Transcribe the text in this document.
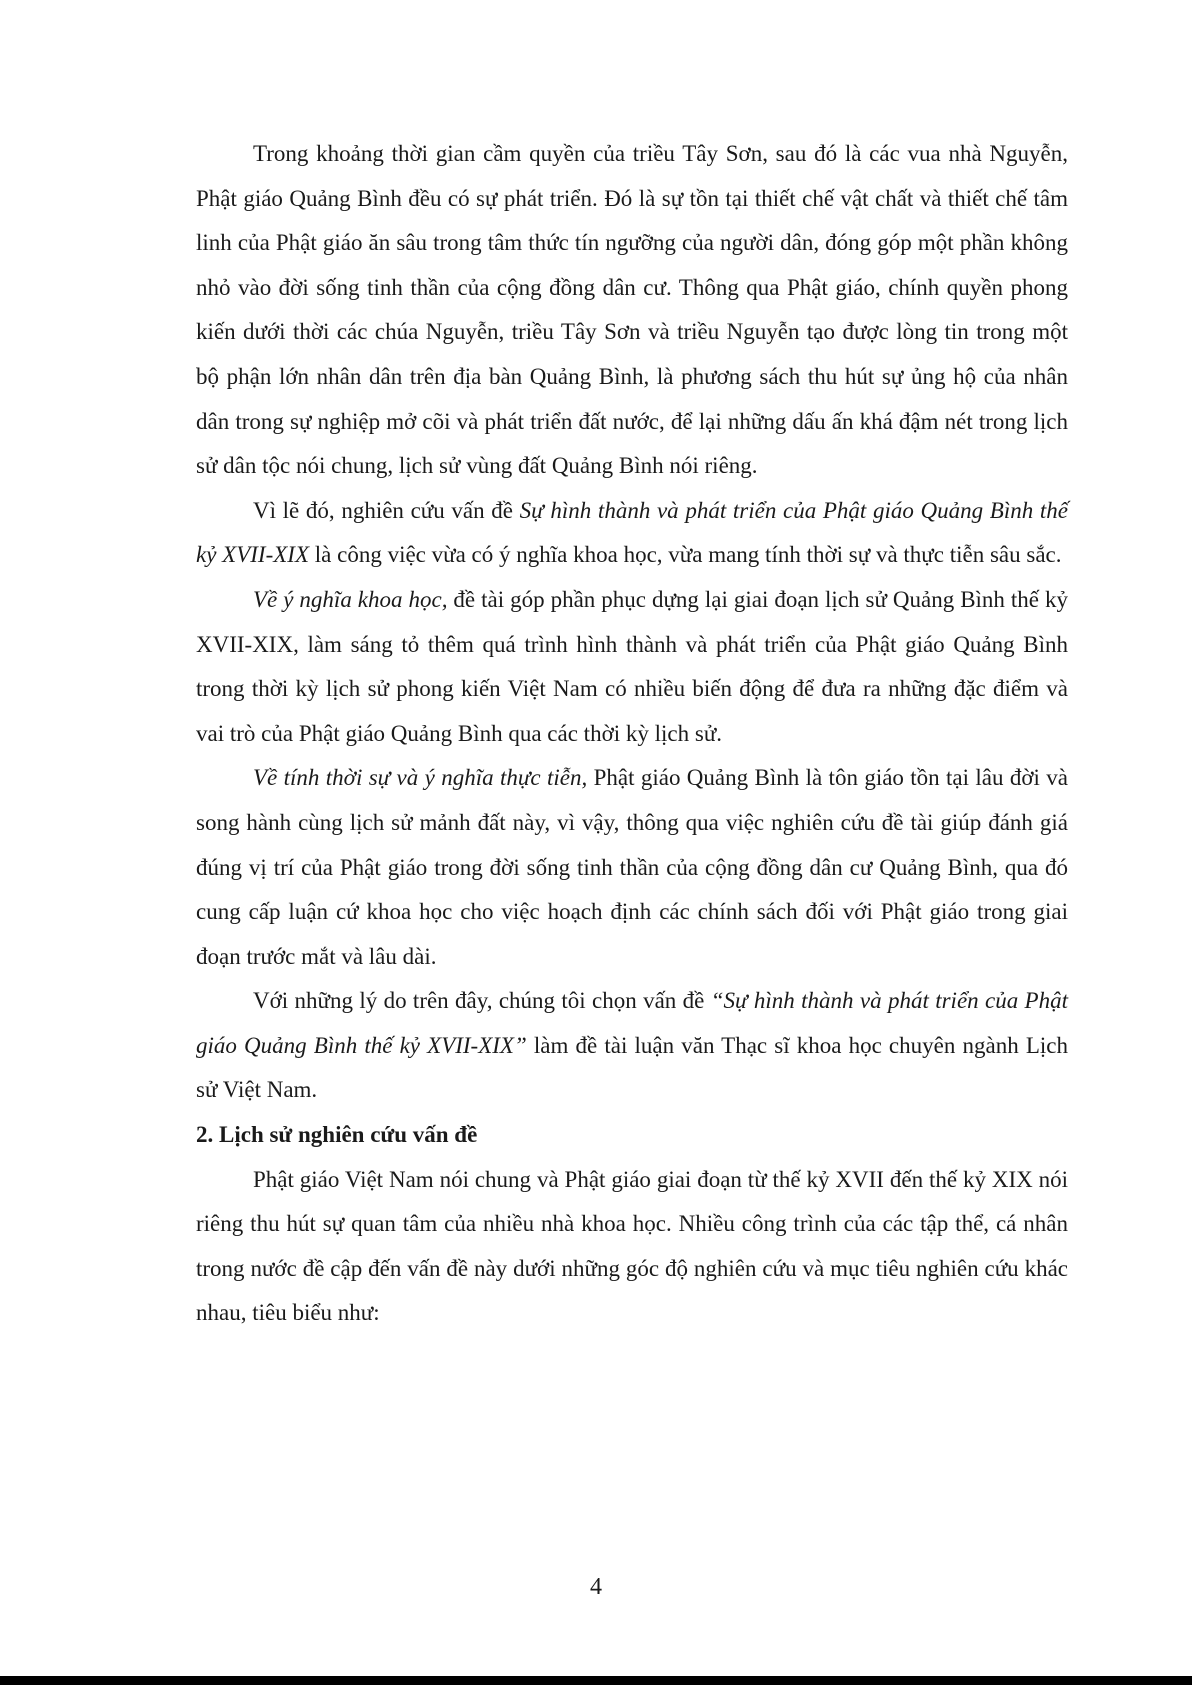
Trong khoảng thời gian cầm quyền của triều Tây Sơn, sau đó là các vua nhà Nguyễn, Phật giáo Quảng Bình đều có sự phát triển. Đó là sự tồn tại thiết chế vật chất và thiết chế tâm linh của Phật giáo ăn sâu trong tâm thức tín ngưỡng của người dân, đóng góp một phần không nhỏ vào đời sống tinh thần của cộng đồng dân cư. Thông qua Phật giáo, chính quyền phong kiến dưới thời các chúa Nguyễn, triều Tây Sơn và triều Nguyễn tạo được lòng tin trong một bộ phận lớn nhân dân trên địa bàn Quảng Bình, là phương sách thu hút sự ủng hộ của nhân dân trong sự nghiệp mở cõi và phát triển đất nước, để lại những dấu ấn khá đậm nét trong lịch sử dân tộc nói chung, lịch sử vùng đất Quảng Bình nói riêng.

Vì lẽ đó, nghiên cứu vấn đề Sự hình thành và phát triển của Phật giáo Quảng Bình thế kỷ XVII-XIX là công việc vừa có ý nghĩa khoa học, vừa mang tính thời sự và thực tiễn sâu sắc.

Về ý nghĩa khoa học, đề tài góp phần phục dựng lại giai đoạn lịch sử Quảng Bình thế kỷ XVII-XIX, làm sáng tỏ thêm quá trình hình thành và phát triển của Phật giáo Quảng Bình trong thời kỳ lịch sử phong kiến Việt Nam có nhiều biến động để đưa ra những đặc điểm và vai trò của Phật giáo Quảng Bình qua các thời kỳ lịch sử.

Về tính thời sự và ý nghĩa thực tiễn, Phật giáo Quảng Bình là tôn giáo tồn tại lâu đời và song hành cùng lịch sử mảnh đất này, vì vậy, thông qua việc nghiên cứu đề tài giúp đánh giá đúng vị trí của Phật giáo trong đời sống tinh thần của cộng đồng dân cư Quảng Bình, qua đó cung cấp luận cứ khoa học cho việc hoạch định các chính sách đối với Phật giáo trong giai đoạn trước mắt và lâu dài.

Với những lý do trên đây, chúng tôi chọn vấn đề “Sự hình thành và phát triển của Phật giáo Quảng Bình thế kỷ XVII-XIX” làm đề tài luận văn Thạc sĩ khoa học chuyên ngành Lịch sử Việt Nam.

2. Lịch sử nghiên cứu vấn đề

Phật giáo Việt Nam nói chung và Phật giáo giai đoạn từ thế kỷ XVII đến thế kỷ XIX nói riêng thu hút sự quan tâm của nhiều nhà khoa học. Nhiều công trình của các tập thể, cá nhân trong nước đề cập đến vấn đề này dưới những góc độ nghiên cứu và mục tiêu nghiên cứu khác nhau, tiêu biểu như:

4
